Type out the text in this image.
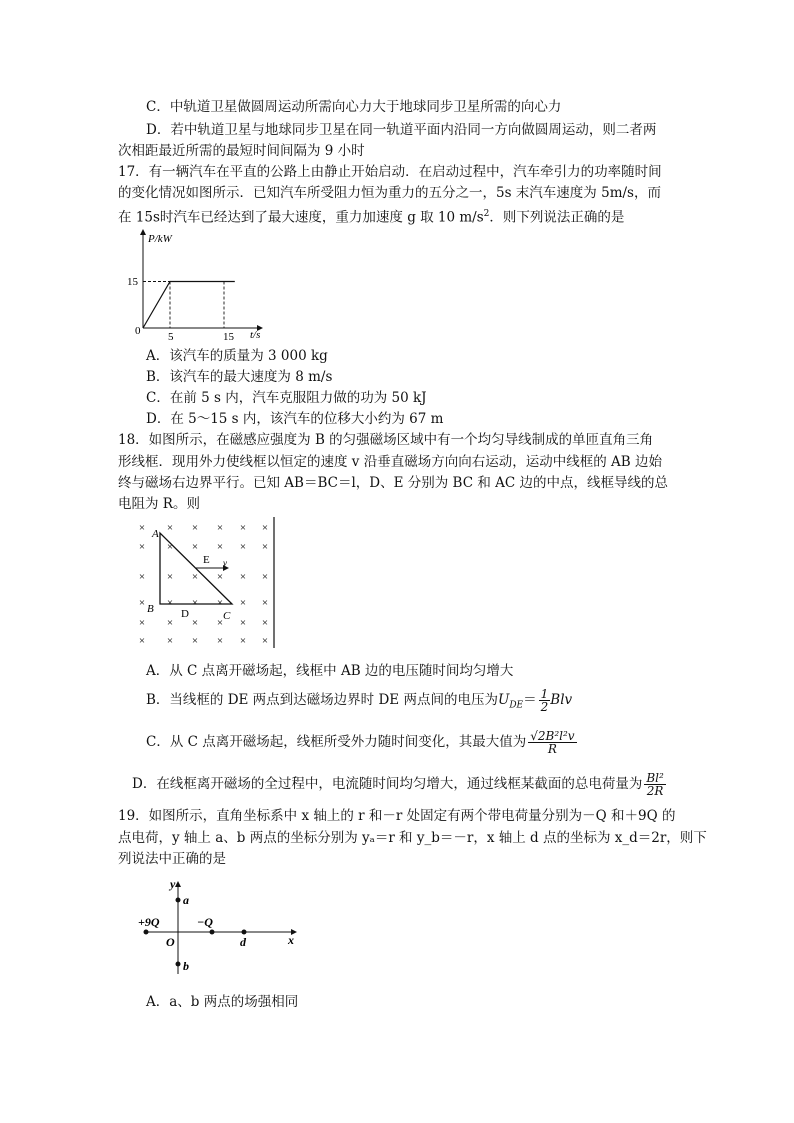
C．中轨道卫星做圆周运动所需向心力大于地球同步卫星所需的向心力
D．若中轨道卫星与地球同步卫星在同一轨道平面内沿同一方向做圆周运动，则二者两
次相距最近所需的最短时间间隔为 9 小时
17．有一辆汽车在平直的公路上由静止开始启动．在启动过程中，汽车牵引力的功率随时间
的变化情况如图所示．已知汽车所受阻力恒为重力的五分之一，5s 末汽车速度为 5m/s，而
在 15s时汽车已经达到了最大速度，重力加速度 g 取 10 $m/s^2$．则下列说法正确的是
P/kW
t/s
0
15
5	15
A．该汽车的质量为 3 000 kg
B．该汽车的最大速度为 8 m/s
C．在前 5 s 内，汽车克服阻力做的功为 50 kJ
D．在 5～15 s 内，该汽车的位移大小约为 67 m
18．如图所示，在磁感应强度为 B 的匀强磁场区域中有一个均匀导线制成的单匝直角三角
形线框．现用外力使线框以恒定的速度 v 沿垂直磁场方向向右运动，运动中线框的 AB 边始
终与磁场右边界平行。已知 AB＝BC＝l，D、E 分别为 BC 和 AC 边的中点，线框导线的总
电阻为 R。则
× × × × × ×
× × × × × ×
× × × × × ×
× × × × × ×
× × × × × ×
× × × × × ×
A
B
C
D
E v
A．从 C 点离开磁场起，线框中 AB 边的电压随时间均匀增大
B．当线框的 DE 两点到达磁场边界时 DE 两点间的电压为$U_{DE}= \frac{1}{2}$ Blv
C．从 C 点离开磁场起，线框所受外力随时间变化，其最大值为 $\frac{\text{√2B²l²v}}{R}$
D．在线框离开磁场的全过程中，电流随时间均匀增大，通过线框某截面的总电荷量为 $\frac{\text{Bl²}}{2R}$
19．如图所示，直角坐标系中 x 轴上的 r 和－r 处固定有两个带电荷量分别为－Q 和＋9Q 的
点电荷，y 轴上 a、b 两点的坐标分别为 yₐ＝r 和 y_b＝－r，x 轴上 d 点的坐标为 x_d＝2r，则下
列说法中正确的是
y
x
O
a
b
d
+9Q	−Q
A．a、b 两点的场强相同
